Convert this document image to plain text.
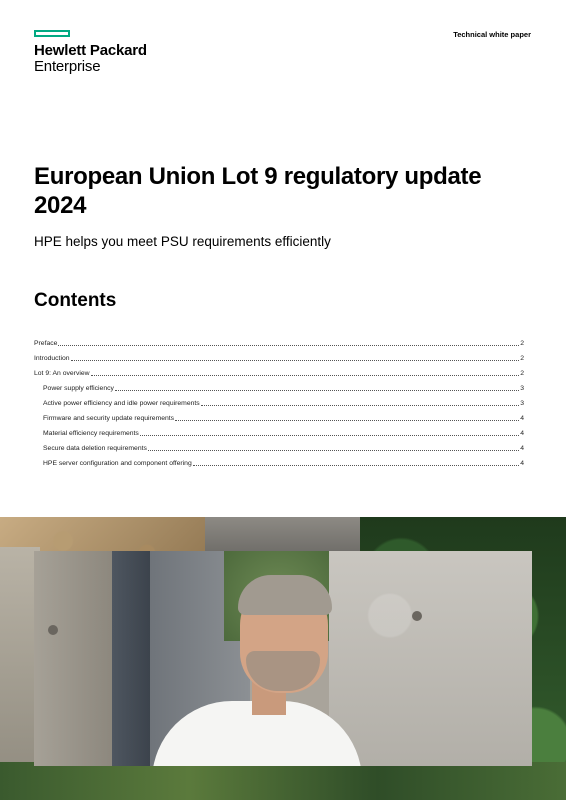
Hewlett Packard
Enterprise
Technical white paper
European Union Lot 9 regulatory update 2024
HPE helps you meet PSU requirements efficiently
Contents
Preface	2
Introduction	2
Lot 9: An overview	2
Power supply efficiency	3
Active power efficiency and idle power requirements	3
Firmware and security update requirements	4
Material efficiency requirements	4
Secure data deletion requirements	4
HPE server configuration and component offering	4
